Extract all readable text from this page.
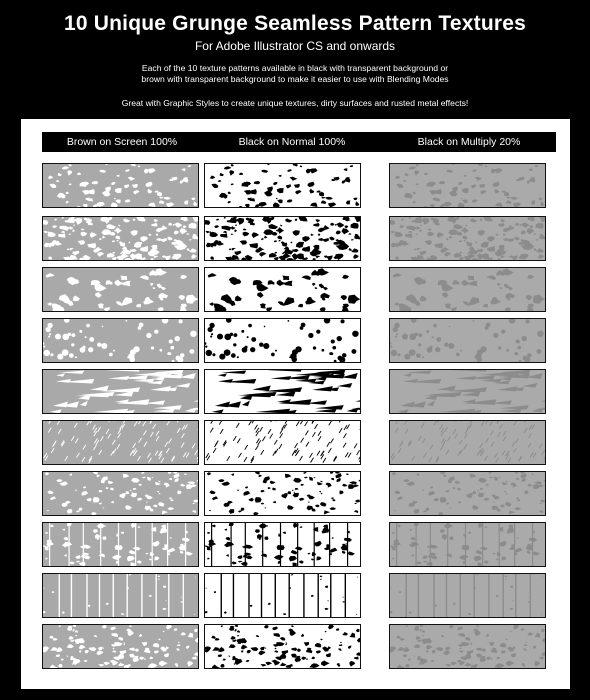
10 Unique Grunge Seamless Pattern Textures
For Adobe Illustrator CS and onwards
Each of the 10 texture patterns available in black with transparent background or
brown with transparent background to make it easier to use with Blending Modes
Great with Graphic Styles to create unique textures, dirty surfaces and rusted metal effects!
Brown on Screen 100%	Black on Normal 100%	Black on Multiply 20%
